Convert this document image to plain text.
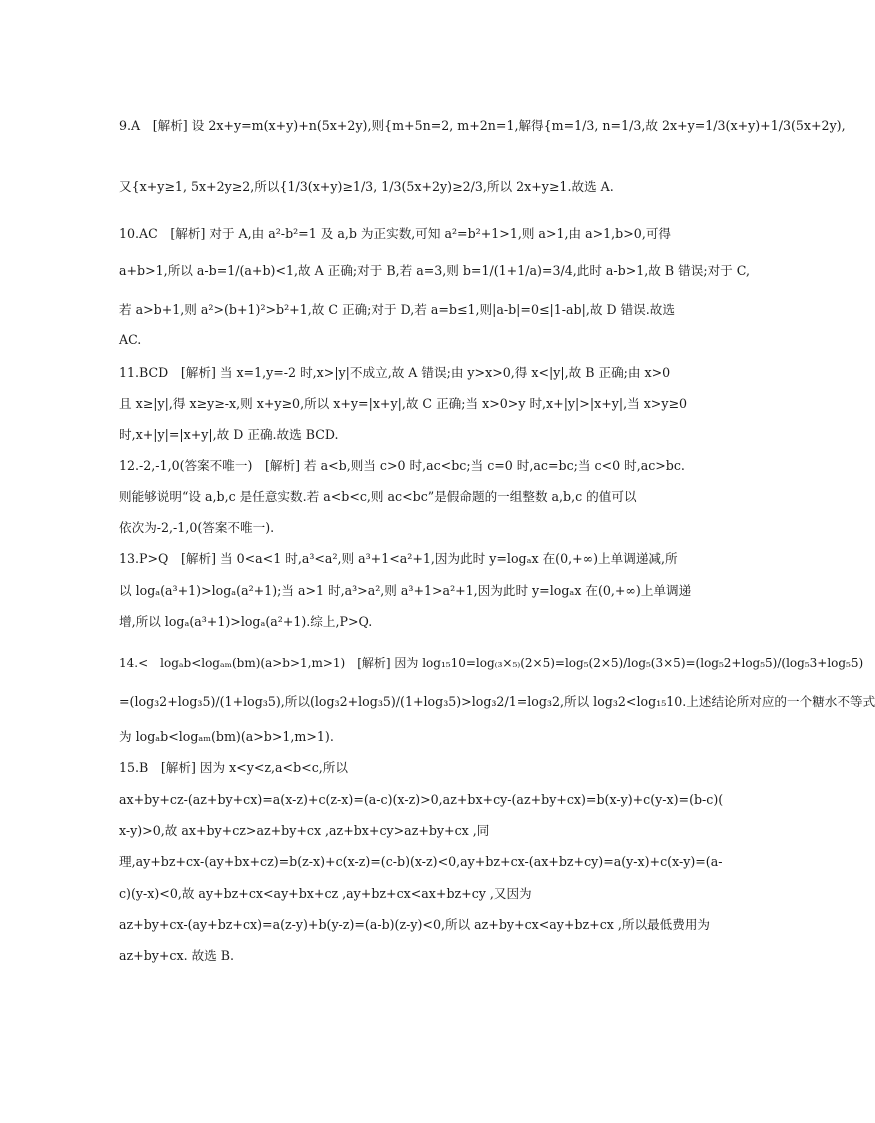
9.A　[解析] 设 2x+y=m(x+y)+n(5x+2y),则{m+5n=2, m+2n=1,解得{m=1/3, n=1/3,故 2x+y=1/3(x+y)+1/3(5x+2y),
又{x+y≥1, 5x+2y≥2,所以{1/3(x+y)≥1/3, 1/3(5x+2y)≥2/3,所以 2x+y≥1.故选 A.
10.AC　[解析] 对于 A,由 a²-b²=1 及 a,b 为正实数,可知 a²=b²+1>1,则 a>1,由 a>1,b>0,可得
a+b>1,所以 a-b=1/(a+b)<1,故 A 正确;对于 B,若 a=3,则 b=1/(1+1/a)=3/4,此时 a-b>1,故 B 错误;对于 C,
若 a>b+1,则 a²>(b+1)²>b²+1,故 C 正确;对于 D,若 a=b≤1,则|a-b|=0≤|1-ab|,故 D 错误.故选
AC.
11.BCD　[解析] 当 x=1,y=-2 时,x>|y|不成立,故 A 错误;由 y>x>0,得 x<|y|,故 B 正确;由 x>0
且 x≥|y|,得 x≥y≥-x,则 x+y≥0,所以 x+y=|x+y|,故 C 正确;当 x>0>y 时,x+|y|>|x+y|,当 x>y≥0
时,x+|y|=|x+y|,故 D 正确.故选 BCD.
12.-2,-1,0(答案不唯一)　[解析] 若 a<b,则当 c>0 时,ac<bc;当 c=0 时,ac=bc;当 c<0 时,ac>bc.
则能够说明“设 a,b,c 是任意实数.若 a<b<c,则 ac<bc”是假命题的一组整数 a,b,c 的值可以
依次为-2,-1,0(答案不唯一).
13.P>Q　[解析] 当 0<a<1 时,a³<a²,则 a³+1<a²+1,因为此时 y=logₐx 在(0,+∞)上单调递减,所
以 logₐ(a³+1)>logₐ(a²+1);当 a>1 时,a³>a²,则 a³+1>a²+1,因为此时 y=logₐx 在(0,+∞)上单调递
增,所以 logₐ(a³+1)>logₐ(a²+1).综上,P>Q.
14.<　logₐb<logₐₘ(bm)(a>b>1,m>1)　[解析] 因为 log₁₅10=log₍₃×₅₎(2×5)=log₅(2×5)/log₅(3×5)=(log₅2+log₅5)/(log₅3+log₅5)
=(log₃2+log₃5)/(1+log₃5),所以(log₃2+log₃5)/(1+log₃5)>log₃2/1=log₃2,所以 log₃2<log₁₅10.上述结论所对应的一个糖水不等式
为 logₐb<logₐₘ(bm)(a>b>1,m>1).
15.B　[解析] 因为 x<y<z,a<b<c,所以
ax+by+cz-(az+by+cx)=a(x-z)+c(z-x)=(a-c)(x-z)>0,az+bx+cy-(az+by+cx)=b(x-y)+c(y-x)=(b-c)(
x-y)>0,故 ax+by+cz>az+by+cx ,az+bx+cy>az+by+cx ,同
理,ay+bz+cx-(ay+bx+cz)=b(z-x)+c(x-z)=(c-b)(x-z)<0,ay+bz+cx-(ax+bz+cy)=a(y-x)+c(x-y)=(a-
c)(y-x)<0,故 ay+bz+cx<ay+bx+cz ,ay+bz+cx<ax+bz+cy ,又因为
az+by+cx-(ay+bz+cx)=a(z-y)+b(y-z)=(a-b)(z-y)<0,所以 az+by+cx<ay+bz+cx ,所以最低费用为
az+by+cx. 故选 B.
